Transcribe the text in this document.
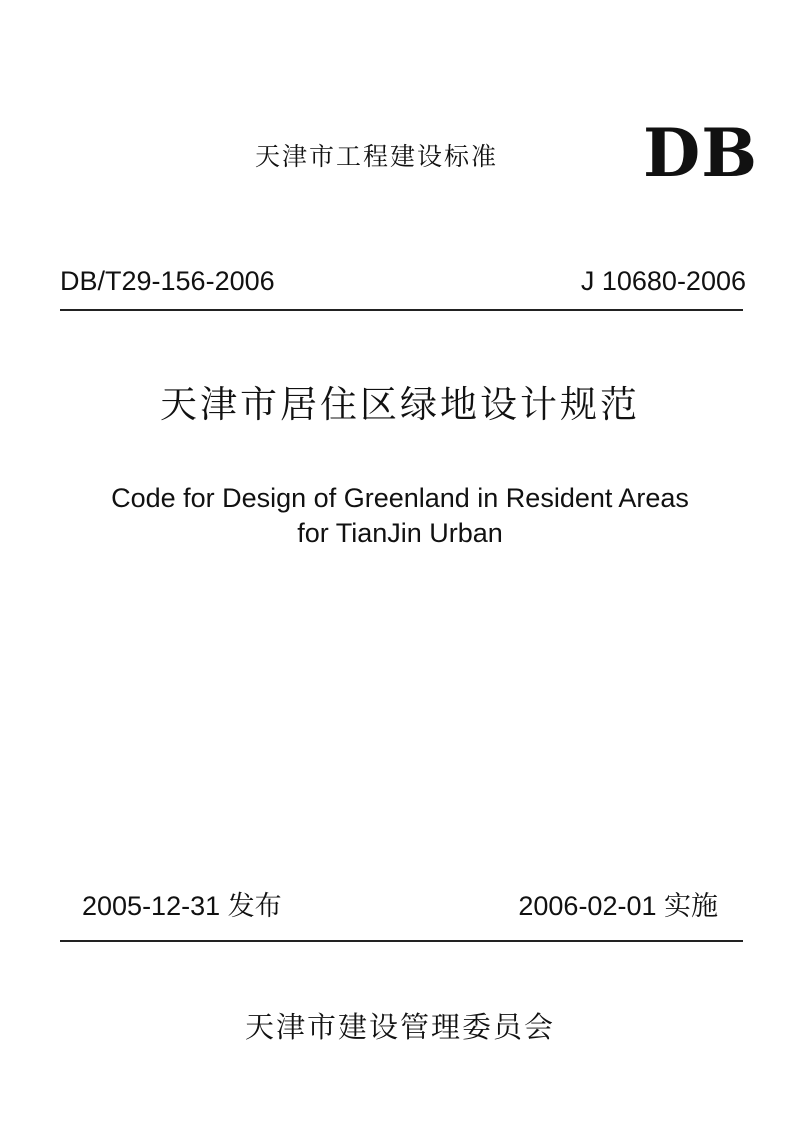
天津市工程建设标准 DB
DB/T29-156-2006	J 10680-2006
天津市居住区绿地设计规范
Code for Design of Greenland in Resident Areas
for TianJin Urban
2005-12-31 发布	2006-02-01 实施
天津市建设管理委员会
